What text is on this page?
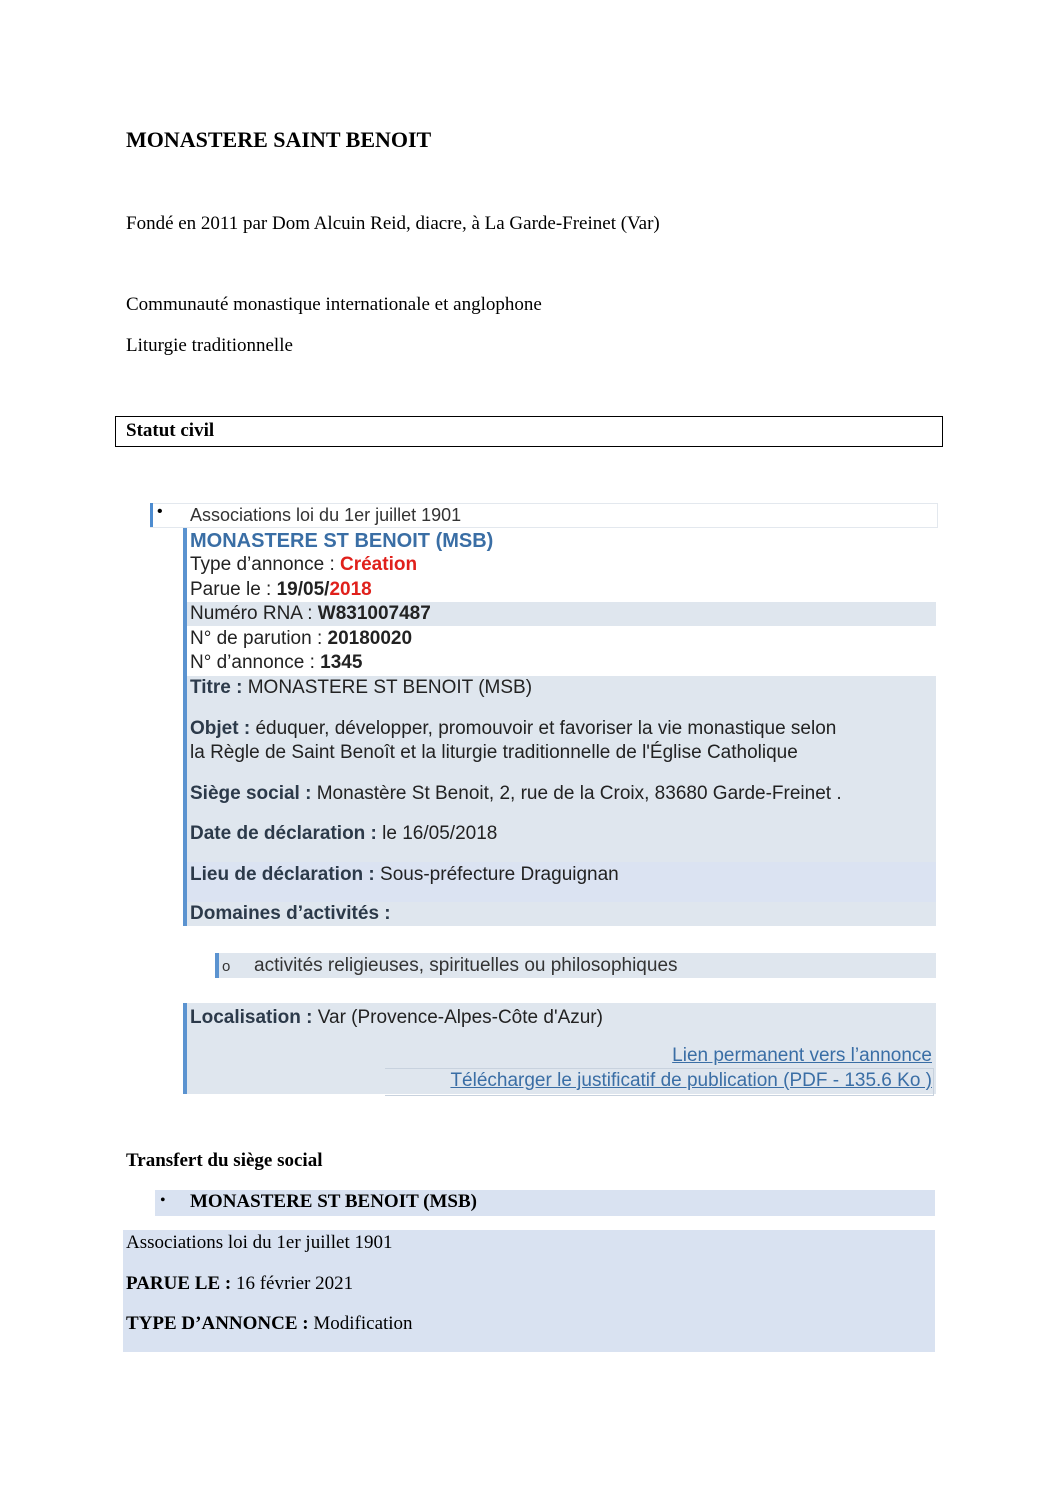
MONASTERE SAINT BENOIT
Fondé en 2011 par Dom Alcuin Reid, diacre, à La Garde-Freinet (Var)
Communauté monastique internationale et anglophone
Liturgie traditionnelle
Statut civil
• Associations loi du 1er juillet 1901
MONASTERE ST BENOIT (MSB)
Type d’annonce : Création
Parue le : 19/05/2018
Numéro RNA : W831007487
N° de parution : 20180020
N° d’annonce : 1345
Titre : MONASTERE ST BENOIT (MSB)
Objet : éduquer, développer, promouvoir et favoriser la vie monastique selon
la Règle de Saint Benoît et la liturgie traditionnelle de l'Église Catholique
Siège social : Monastère St Benoit, 2, rue de la Croix, 83680 Garde-Freinet .
Date de déclaration : le 16/05/2018
Lieu de déclaration : Sous-préfecture Draguignan
Domaines d’activités :
o activités religieuses, spirituelles ou philosophiques
Localisation : Var (Provence-Alpes-Côte d'Azur)
Lien permanent vers l’annonce
Télécharger le justificatif de publication (PDF - 135.6 Ko )
Transfert du siège social
• MONASTERE ST BENOIT (MSB)
Associations loi du 1er juillet 1901
PARUE LE : 16 février 2021
TYPE D’ANNONCE : Modification
